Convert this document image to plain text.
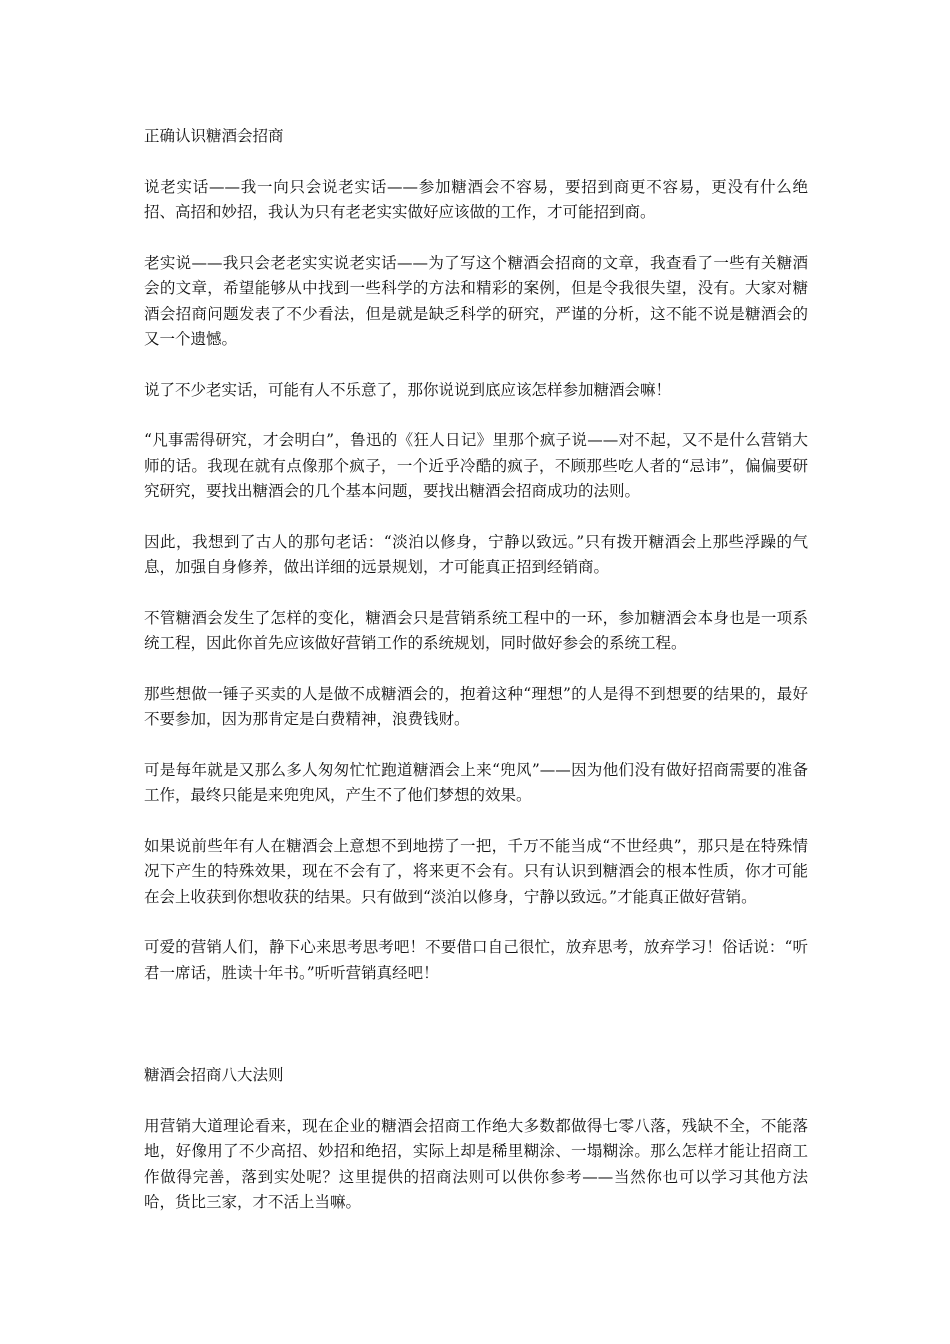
正确认识糖酒会招商

说老实话——我一向只会说老实话——参加糖酒会不容易，要招到商更不容易，更没有什么绝招、高招和妙招，我认为只有老老实实做好应该做的工作，才可能招到商。

老实说——我只会老老实实说老实话——为了写这个糖酒会招商的文章，我查看了一些有关糖酒会的文章，希望能够从中找到一些科学的方法和精彩的案例，但是令我很失望，没有。大家对糖酒会招商问题发表了不少看法，但是就是缺乏科学的研究，严谨的分析，这不能不说是糖酒会的又一个遗憾。

说了不少老实话，可能有人不乐意了，那你说说到底应该怎样参加糖酒会嘛！

“凡事需得研究，才会明白”，鲁迅的《狂人日记》里那个疯子说——对不起，又不是什么营销大师的话。我现在就有点像那个疯子，一个近乎冷酷的疯子，不顾那些吃人者的“忌讳”，偏偏要研究研究，要找出糖酒会的几个基本问题，要找出糖酒会招商成功的法则。

因此，我想到了古人的那句老话：“淡泊以修身，宁静以致远。”只有拨开糖酒会上那些浮躁的气息，加强自身修养，做出详细的远景规划，才可能真正招到经销商。

不管糖酒会发生了怎样的变化，糖酒会只是营销系统工程中的一环，参加糖酒会本身也是一项系统工程，因此你首先应该做好营销工作的系统规划，同时做好参会的系统工程。

那些想做一锤子买卖的人是做不成糖酒会的，抱着这种“理想”的人是得不到想要的结果的，最好不要参加，因为那肯定是白费精神，浪费钱财。

可是每年就是又那么多人匆匆忙忙跑道糖酒会上来“兜风”——因为他们没有做好招商需要的准备工作，最终只能是来兜兜风，产生不了他们梦想的效果。

如果说前些年有人在糖酒会上意想不到地捞了一把，千万不能当成“不世经典”，那只是在特殊情况下产生的特殊效果，现在不会有了，将来更不会有。只有认识到糖酒会的根本性质，你才可能在会上收获到你想收获的结果。只有做到“淡泊以修身，宁静以致远。”才能真正做好营销。

可爱的营销人们，静下心来思考思考吧！不要借口自己很忙，放弃思考，放弃学习！俗话说：“听君一席话，胜读十年书。”听听营销真经吧！

糖酒会招商八大法则

用营销大道理论看来，现在企业的糖酒会招商工作绝大多数都做得七零八落，残缺不全，不能落地，好像用了不少高招、妙招和绝招，实际上却是稀里糊涂、一塌糊涂。那么怎样才能让招商工作做得完善，落到实处呢？这里提供的招商法则可以供你参考——当然你也可以学习其他方法哈，货比三家，才不活上当嘛。
